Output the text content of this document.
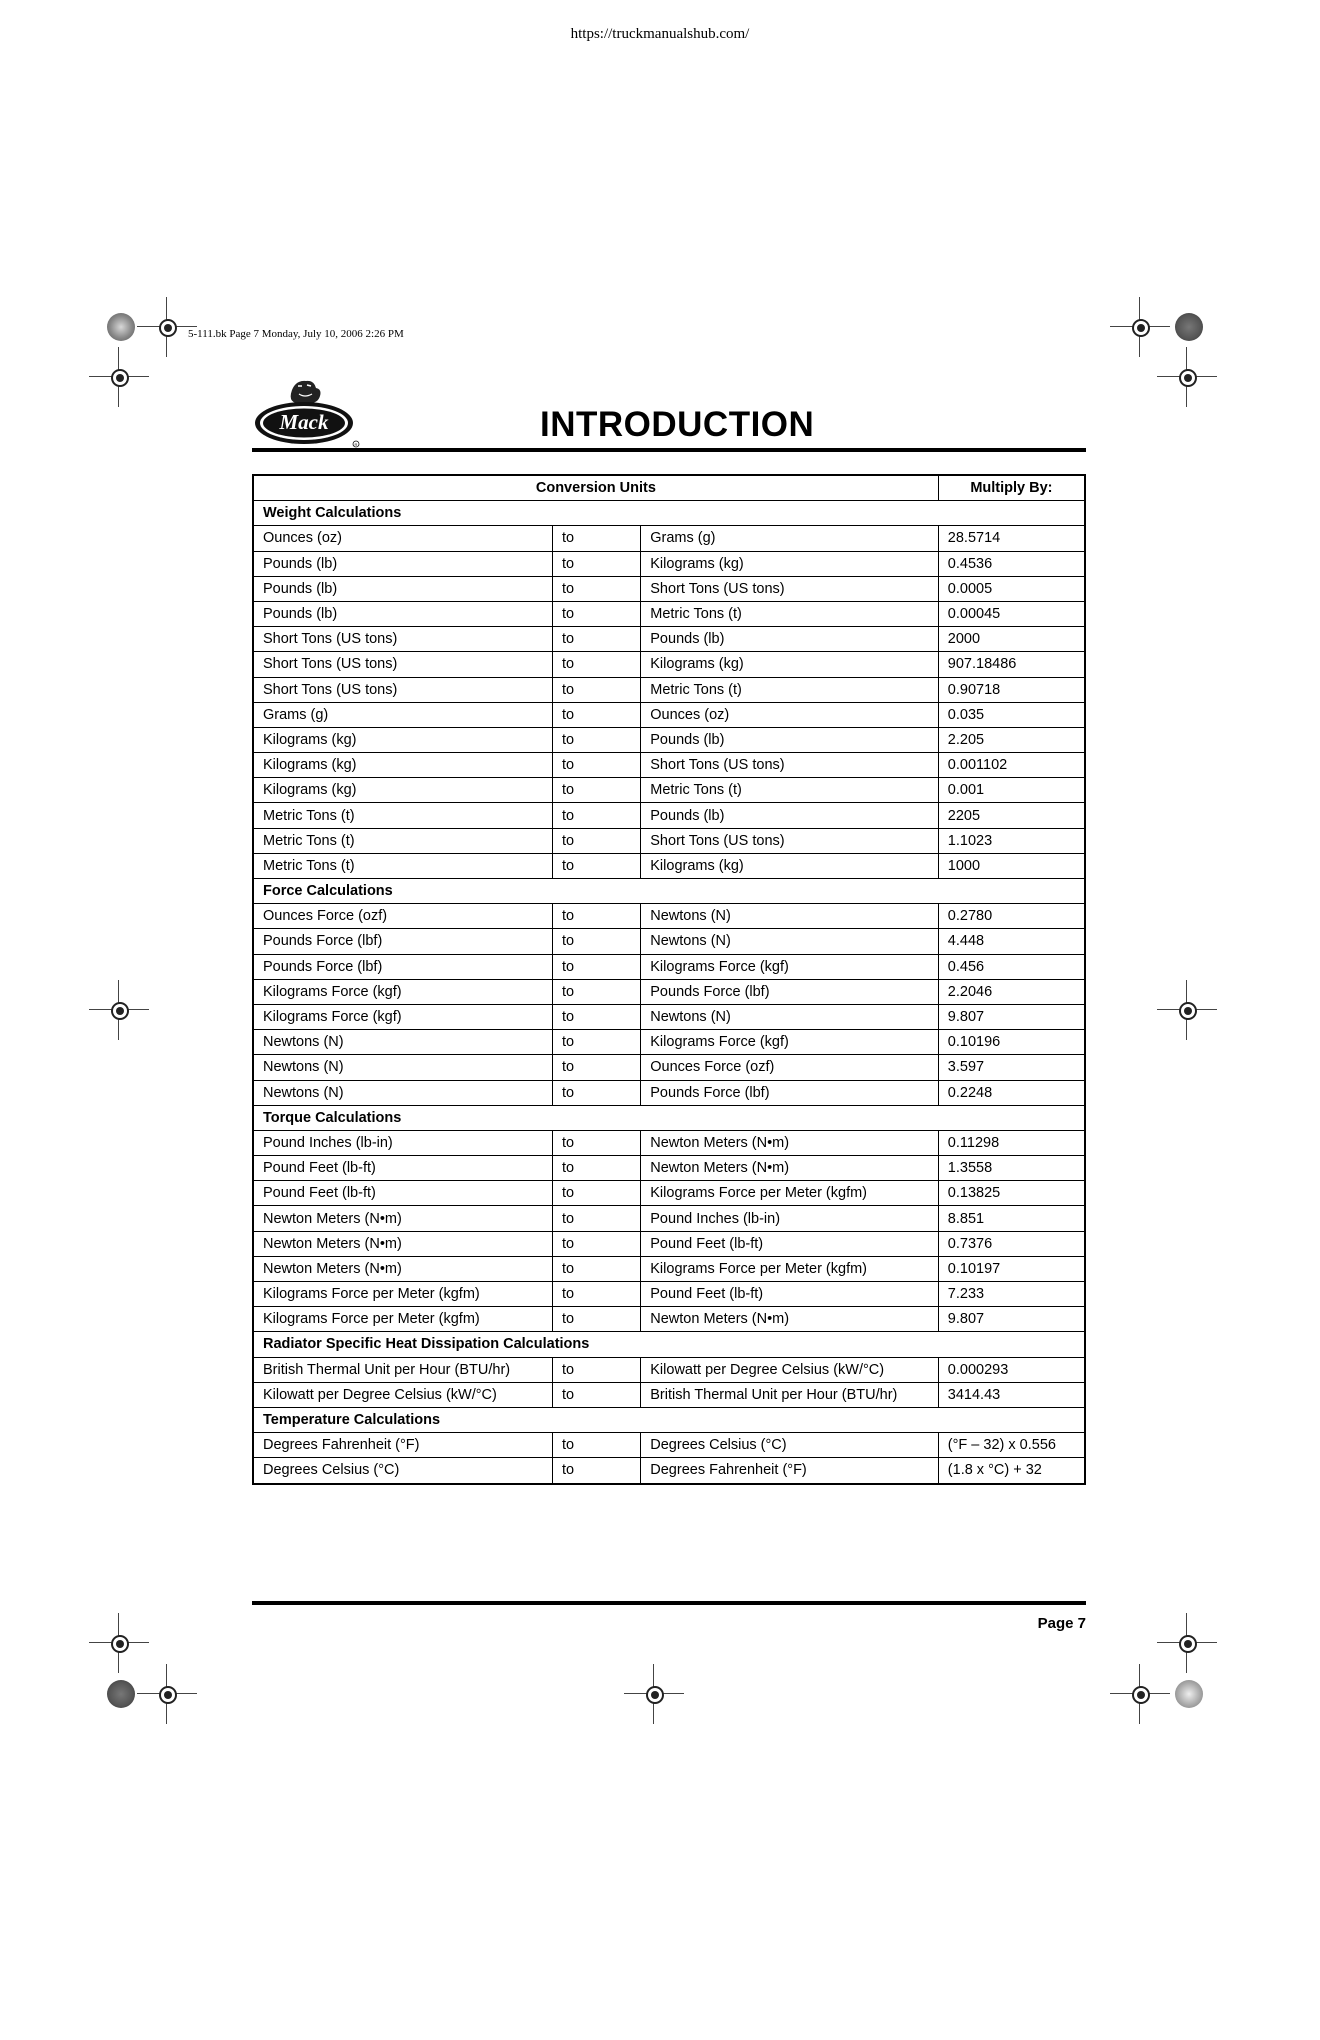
https://truckmanualshub.com/
5-111.bk Page 7 Monday, July 10, 2006 2:26 PM
Mack
R
INTRODUCTION
Conversion Units			Multiply By:
Weight Calculations			
Ounces (oz)	to	Grams (g)	28.5714
Pounds (lb)	to	Kilograms (kg)	0.4536
Pounds (lb)	to	Short Tons (US tons)	0.0005
Pounds (lb)	to	Metric Tons (t)	0.00045
Short Tons (US tons)	to	Pounds (lb)	2000
Short Tons (US tons)	to	Kilograms (kg)	907.18486
Short Tons (US tons)	to	Metric Tons (t)	0.90718
Grams (g)	to	Ounces (oz)	0.035
Kilograms (kg)	to	Pounds (lb)	2.205
Kilograms (kg)	to	Short Tons (US tons)	0.001102
Kilograms (kg)	to	Metric Tons (t)	0.001
Metric Tons (t)	to	Pounds (lb)	2205
Metric Tons (t)	to	Short Tons (US tons)	1.1023
Metric Tons (t)	to	Kilograms (kg)	1000
Force Calculations			
Ounces Force (ozf)	to	Newtons (N)	0.2780
Pounds Force (lbf)	to	Newtons (N)	4.448
Pounds Force (lbf)	to	Kilograms Force (kgf)	0.456
Kilograms Force (kgf)	to	Pounds Force (lbf)	2.2046
Kilograms Force (kgf)	to	Newtons (N)	9.807
Newtons (N)	to	Kilograms Force (kgf)	0.10196
Newtons (N)	to	Ounces Force (ozf)	3.597
Newtons (N)	to	Pounds Force (lbf)	0.2248
Torque Calculations			
Pound Inches (lb-in)	to	Newton Meters (N•m)	0.11298
Pound Feet (lb-ft)	to	Newton Meters (N•m)	1.3558
Pound Feet (lb-ft)	to	Kilograms Force per Meter (kgfm)	0.13825
Newton Meters (N•m)	to	Pound Inches (lb-in)	8.851
Newton Meters (N•m)	to	Pound Feet (lb-ft)	0.7376
Newton Meters (N•m)	to	Kilograms Force per Meter (kgfm)	0.10197
Kilograms Force per Meter (kgfm)	to	Pound Feet (lb-ft)	7.233
Kilograms Force per Meter (kgfm)	to	Newton Meters (N•m)	9.807
Radiator Specific Heat Dissipation Calculations			
British Thermal Unit per Hour (BTU/hr)	to	Kilowatt per Degree Celsius (kW/°C)	0.000293
Kilowatt per Degree Celsius (kW/°C)	to	British Thermal Unit per Hour (BTU/hr)	3414.43
Temperature Calculations			
Degrees Fahrenheit (°F)	to	Degrees Celsius (°C)	(°F – 32) x 0.556
Degrees Celsius (°C)	to	Degrees Fahrenheit (°F)	(1.8 x °C) + 32
Page 7
